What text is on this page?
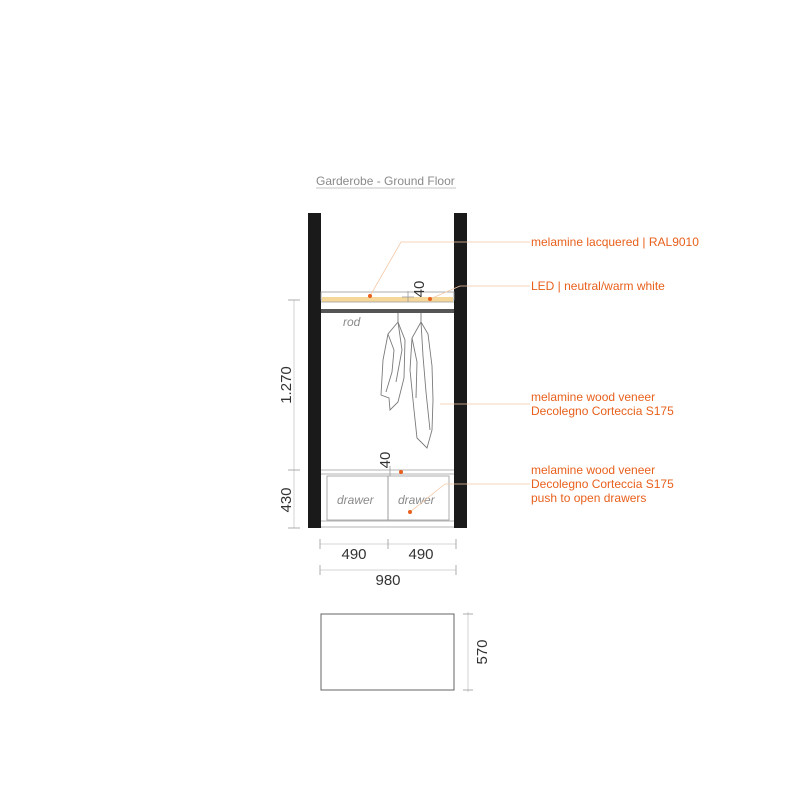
Garderobe - Ground Floor
rod
drawer drawer
melamine lacquered | RAL9010
LED | neutral/warm white
melamine wood veneer
Decolegno Corteccia S175
melamine wood veneer
Decolegno Corteccia S175
push to open drawers
40
40
1.270
430
490	490
980
570
